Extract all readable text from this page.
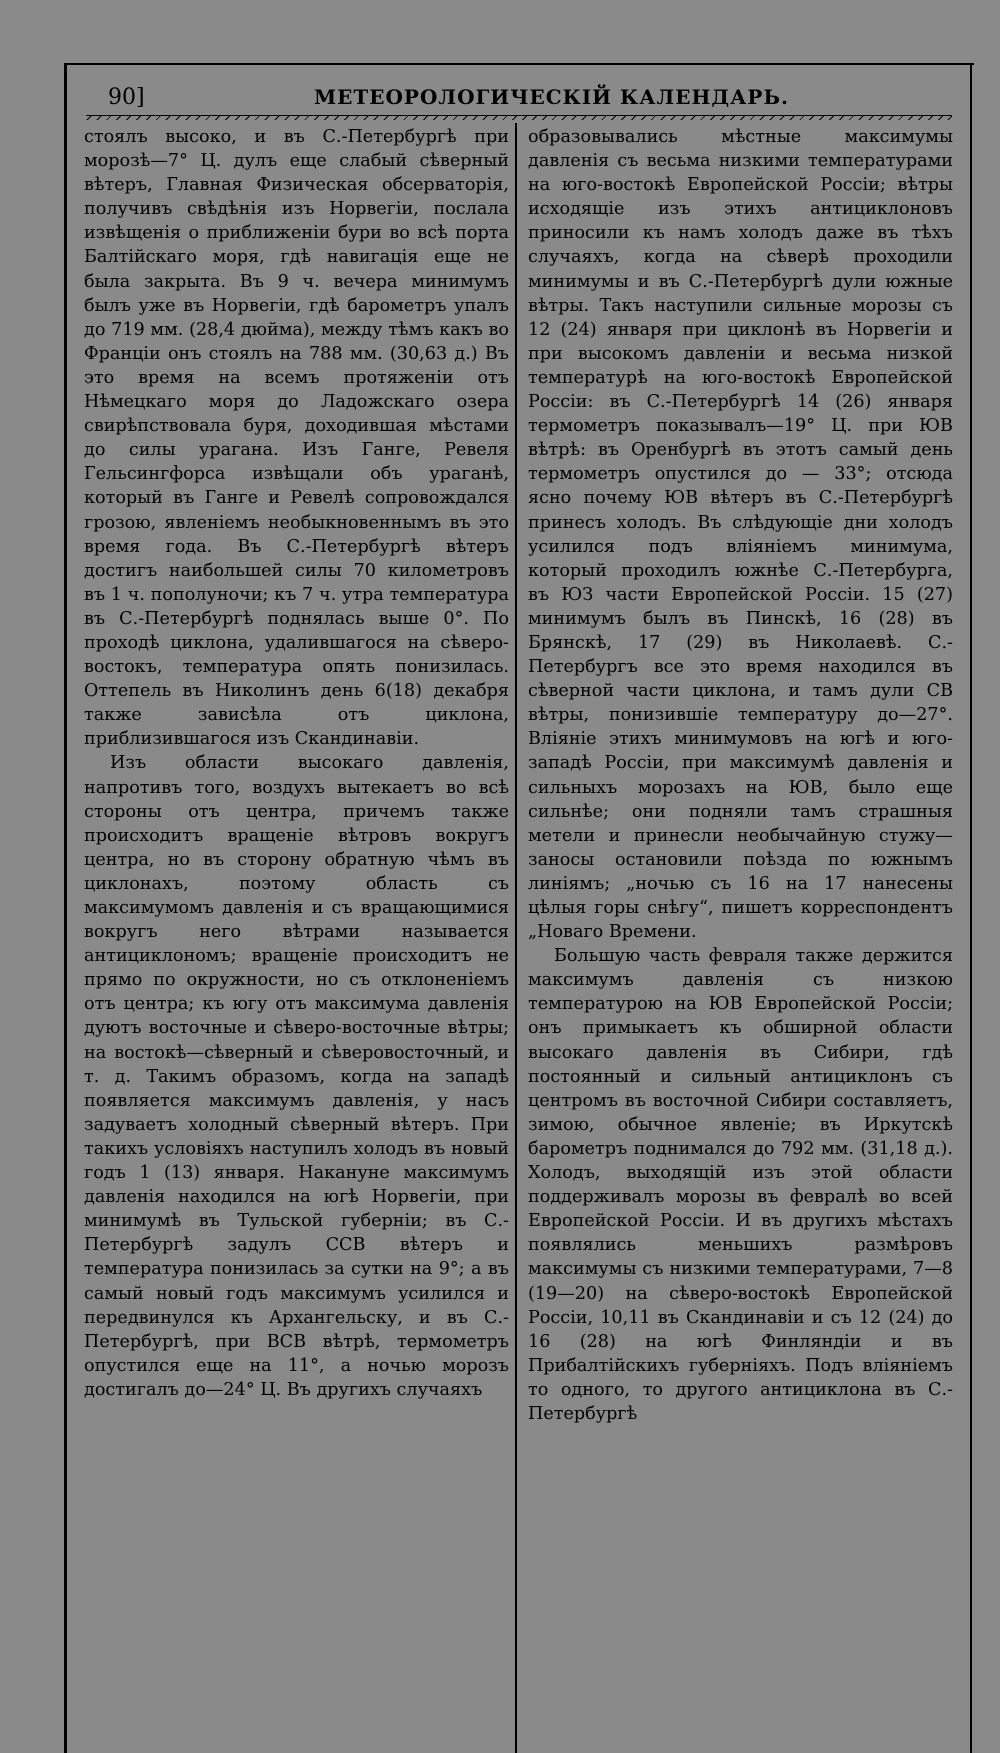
90]	МЕТЕОРОЛОГИЧЕСКІЙ КАЛЕНДАРЬ.

стоялъ высоко, и въ С.-Петербургѣ при морозѣ—7° Ц. дулъ еще слабый сѣверный вѣтеръ, Главная Физическая обсерваторія, получивъ свѣдѣнія изъ Норвегіи, послала извѣщенія о приближеніи бури во всѣ порта Балтійскаго моря, гдѣ навигація еще не была закрыта. Въ 9 ч. вечера минимумъ былъ уже въ Норвегіи, гдѣ барометръ упалъ до 719 мм. (28,4 дюйма), между тѣмъ какъ во Франціи онъ стоялъ на 788 мм. (30,63 д.) Въ это время на всемъ протяженіи отъ Нѣмецкаго моря до Ладожскаго озера свирѣпствовала буря, доходившая мѣстами до силы урагана. Изъ Ганге, Ревеля Гельсингфорса извѣщали объ ураганѣ, который въ Ганге и Ревелѣ сопровождался грозою, явленіемъ необыкновеннымъ въ это время года. Въ С.-Петербургѣ вѣтеръ достигъ наибольшей силы 70 километровъ въ 1 ч. пополуночи; къ 7 ч. утра температура въ С.-Петербургѣ поднялась выше 0°. По проходѣ циклона, удалившагося на сѣверо-востокъ, температура опять понизилась. Оттепель въ Николинъ день 6(18) декабря также зависѣла отъ циклона, приблизившагося изъ Скандинавіи.

Изъ области высокаго давленія, напротивъ того, воздухъ вытекаетъ во всѣ стороны отъ центра, причемъ также происходитъ вращеніе вѣтровъ вокругъ центра, но въ сторону обратную чѣмъ въ циклонахъ, поэтому область съ максимумомъ давленія и съ вращающимися вокругъ него вѣтрами называется антициклономъ; вращеніе происходитъ не прямо по окружности, но съ отклоненіемъ отъ центра; къ югу отъ максимума давленія дуютъ восточные и сѣверо-восточные вѣтры; на востокѣ—сѣверный и сѣверовосточный, и т. д. Такимъ образомъ, когда на западѣ появляется максимумъ давленія, у насъ задуваетъ холодный сѣверный вѣтеръ. При такихъ условіяхъ наступилъ холодъ въ новый годъ 1 (13) января. Накануне максимумъ давленія находился на югѣ Норвегіи, при минимумѣ въ Тульской губерніи; въ С.-Петербургѣ задулъ ССВ вѣтеръ и температура понизилась за сутки на 9°; а въ самый новый годъ максимумъ усилился и передвинулся къ Архангельску, и въ С.-Петербургѣ, при ВСВ вѣтрѣ, термометръ опустился еще на 11°, а ночью морозъ достигалъ до—24° Ц. Въ другихъ случаяхъ

образовывались мѣстные максимумы давленія съ весьма низкими температурами на юго-востокѣ Европейской Россіи; вѣтры исходящіе изъ этихъ антициклоновъ приносили къ намъ холодъ даже въ тѣхъ случаяхъ, когда на сѣверѣ проходили минимумы и въ С.-Петербургѣ дули южные вѣтры. Такъ наступили сильные морозы съ 12 (24) января при циклонѣ въ Норвегіи и при высокомъ давленіи и весьма низкой температурѣ на юго-востокѣ Европейской Россіи: въ С.-Петербургѣ 14 (26) января термометръ показывалъ—19° Ц. при ЮВ вѣтрѣ: въ Оренбургѣ въ этотъ самый день термометръ опустился до — 33°; отсюда ясно почему ЮВ вѣтеръ въ С.-Петербургѣ принесъ холодъ. Въ слѣдующіе дни холодъ усилился подъ вліяніемъ минимума, который проходилъ южнѣе С.-Петербурга, въ ЮЗ части Европейской Россіи. 15 (27) минимумъ былъ въ Пинскѣ, 16 (28) въ Брянскѣ, 17 (29) въ Николаевѣ. С.-Петербургъ все это время находился въ сѣверной части циклона, и тамъ дули СВ вѣтры, понизившіе температуру до—27°. Вліяніе этихъ минимумовъ на югѣ и юго-западѣ Россіи, при максимумѣ давленія и сильныхъ морозахъ на ЮВ, было еще сильнѣе; они подняли тамъ страшныя метели и принесли необычайную стужу—заносы остановили поѣзда по южнымъ линіямъ; „ночью съ 16 на 17 нанесены цѣлыя горы снѣгу“, пишетъ корреспондентъ „Новаго Времени.

Большую часть февраля также держится максимумъ давленія съ низкою температурою на ЮВ Европейской Россіи; онъ примыкаетъ къ обширной области высокаго давленія въ Сибири, гдѣ постоянный и сильный антициклонъ съ центромъ въ восточной Сибири составляетъ, зимою, обычное явленіе; въ Иркутскѣ барометръ поднимался до 792 мм. (31,18 д.). Холодъ, выходящій изъ этой области поддерживалъ морозы въ февралѣ во всей Европейской Россіи. И въ другихъ мѣстахъ появлялись меньшихъ размѣровъ максимумы съ низкими температурами, 7—8 (19—20) на сѣверо-востокѣ Европейской Россіи, 10,11 въ Скандинавіи и съ 12 (24) до 16 (28) на югѣ Финляндіи и въ Прибалтійскихъ губерніяхъ. Подъ вліяніемъ то одного, то другого антициклона въ С.-Петербургѣ
